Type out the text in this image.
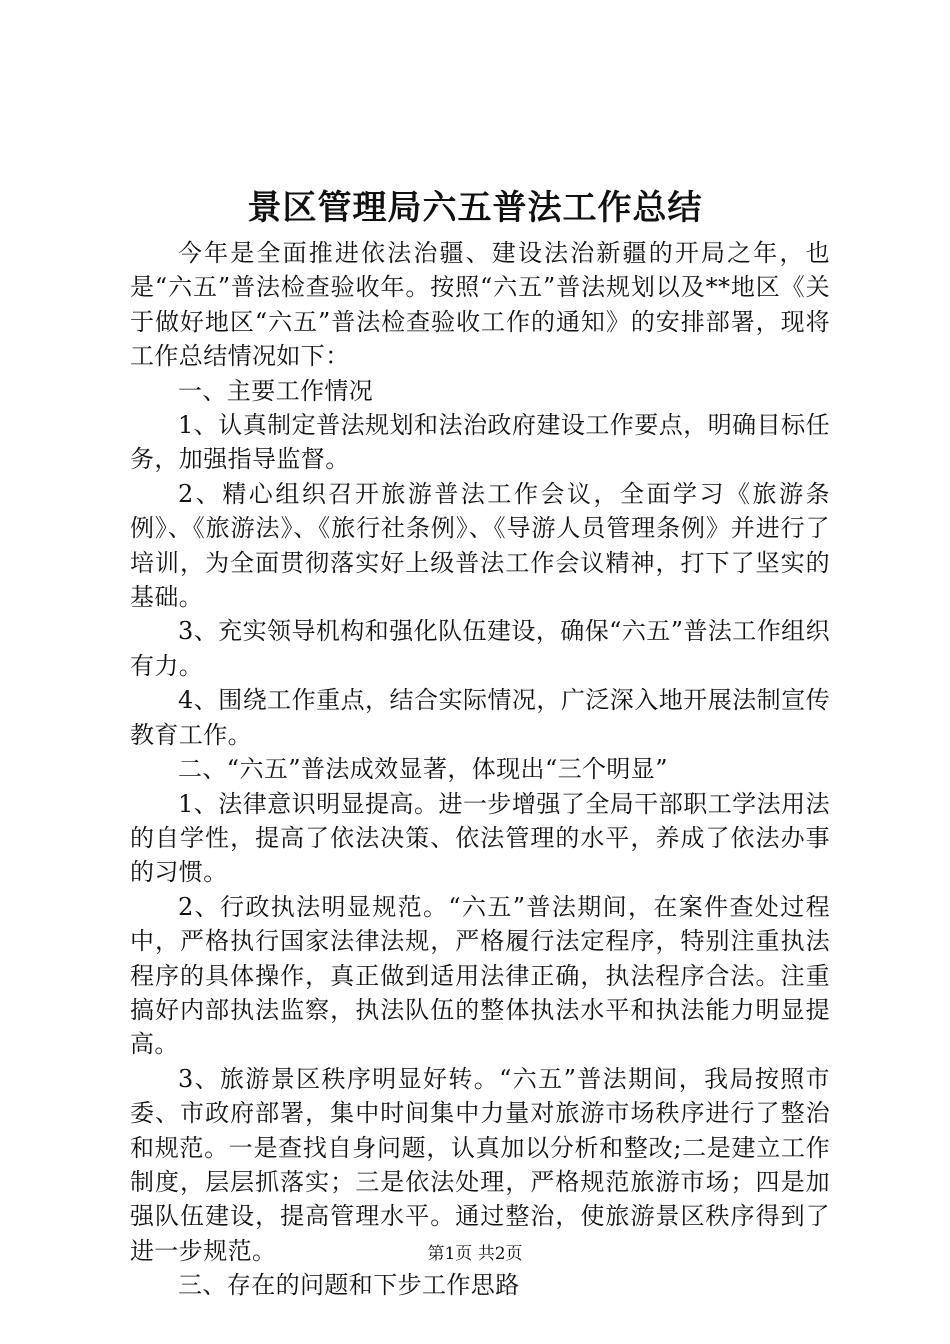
景区管理局六五普法工作总结

今年是全面推进依法治疆、建设法治新疆的开局之年，也是“六五”普法检查验收年。按照“六五”普法规划以及**地区《关于做好地区“六五”普法检查验收工作的通知》的安排部署，现将工作总结情况如下：

一、主要工作情况

1、认真制定普法规划和法治政府建设工作要点，明确目标任务，加强指导监督。

2、精心组织召开旅游普法工作会议，全面学习《旅游条例》、《旅游法》、《旅行社条例》、《导游人员管理条例》并进行了培训，为全面贯彻落实好上级普法工作会议精神，打下了坚实的基础。

3、充实领导机构和强化队伍建设，确保“六五”普法工作组织有力。

4、围绕工作重点，结合实际情况，广泛深入地开展法制宣传教育工作。

二、“六五”普法成效显著，体现出“三个明显”

1、法律意识明显提高。进一步增强了全局干部职工学法用法的自学性，提高了依法决策、依法管理的水平，养成了依法办事的习惯。

2、行政执法明显规范。“六五”普法期间，在案件查处过程中，严格执行国家法律法规，严格履行法定程序，特别注重执法程序的具体操作，真正做到适用法律正确，执法程序合法。注重搞好内部执法监察，执法队伍的整体执法水平和执法能力明显提高。

3、旅游景区秩序明显好转。“六五”普法期间，我局按照市委、市政府部署，集中时间集中力量对旅游市场秩序进行了整治和规范。一是查找自身问题，认真加以分析和整改;二是建立工作制度，层层抓落实；三是依法处理，严格规范旅游市场；四是加强队伍建设，提高管理水平。通过整治，使旅游景区秩序得到了进一步规范。

三、存在的问题和下步工作思路

第1页 共2页
